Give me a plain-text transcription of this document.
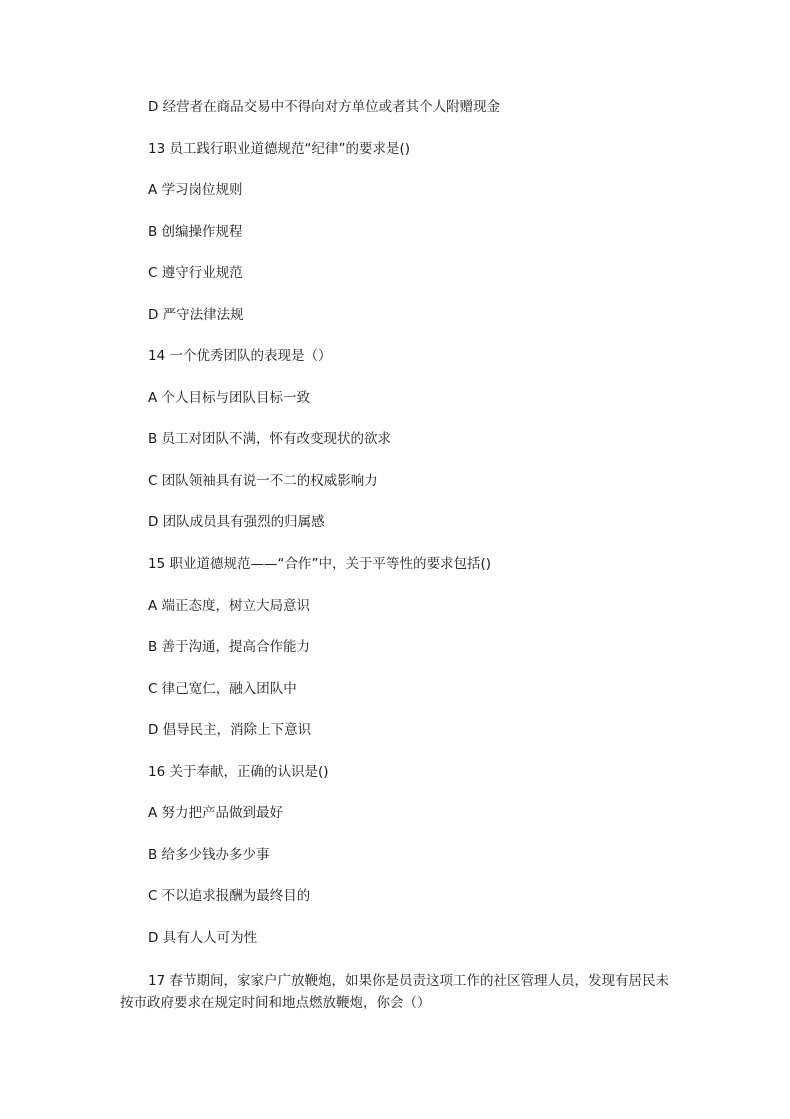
D 经营者在商品交易中不得向对方单位或者其个人附赠现金
13 员工践行职业道德规范“纪律”的要求是()
A 学习岗位规则
B 创编操作规程
C 遵守行业规范
D 严守法律法规
14 一个优秀团队的表现是（）
A 个人目标与团队目标一致
B 员工对团队不满，怀有改变现状的欲求
C 团队领袖具有说一不二的权威影响力
D 团队成员具有强烈的归属感
15 职业道德规范——“合作”中，关于平等性的要求包括()
A 端正态度，树立大局意识
B 善于沟通，提高合作能力
C 律己宽仁，融入团队中
D 倡导民主，消除上下意识
16 关于奉献，正确的认识是()
A 努力把产品做到最好
B 给多少钱办多少事
C 不以追求报酬为最终目的
D 具有人人可为性
17 春节期间，家家户广放鞭炮，如果你是员责这项工作的社区管理人员，发现有居民未按市政府要求在规定时间和地点燃放鞭炮，你会（）
